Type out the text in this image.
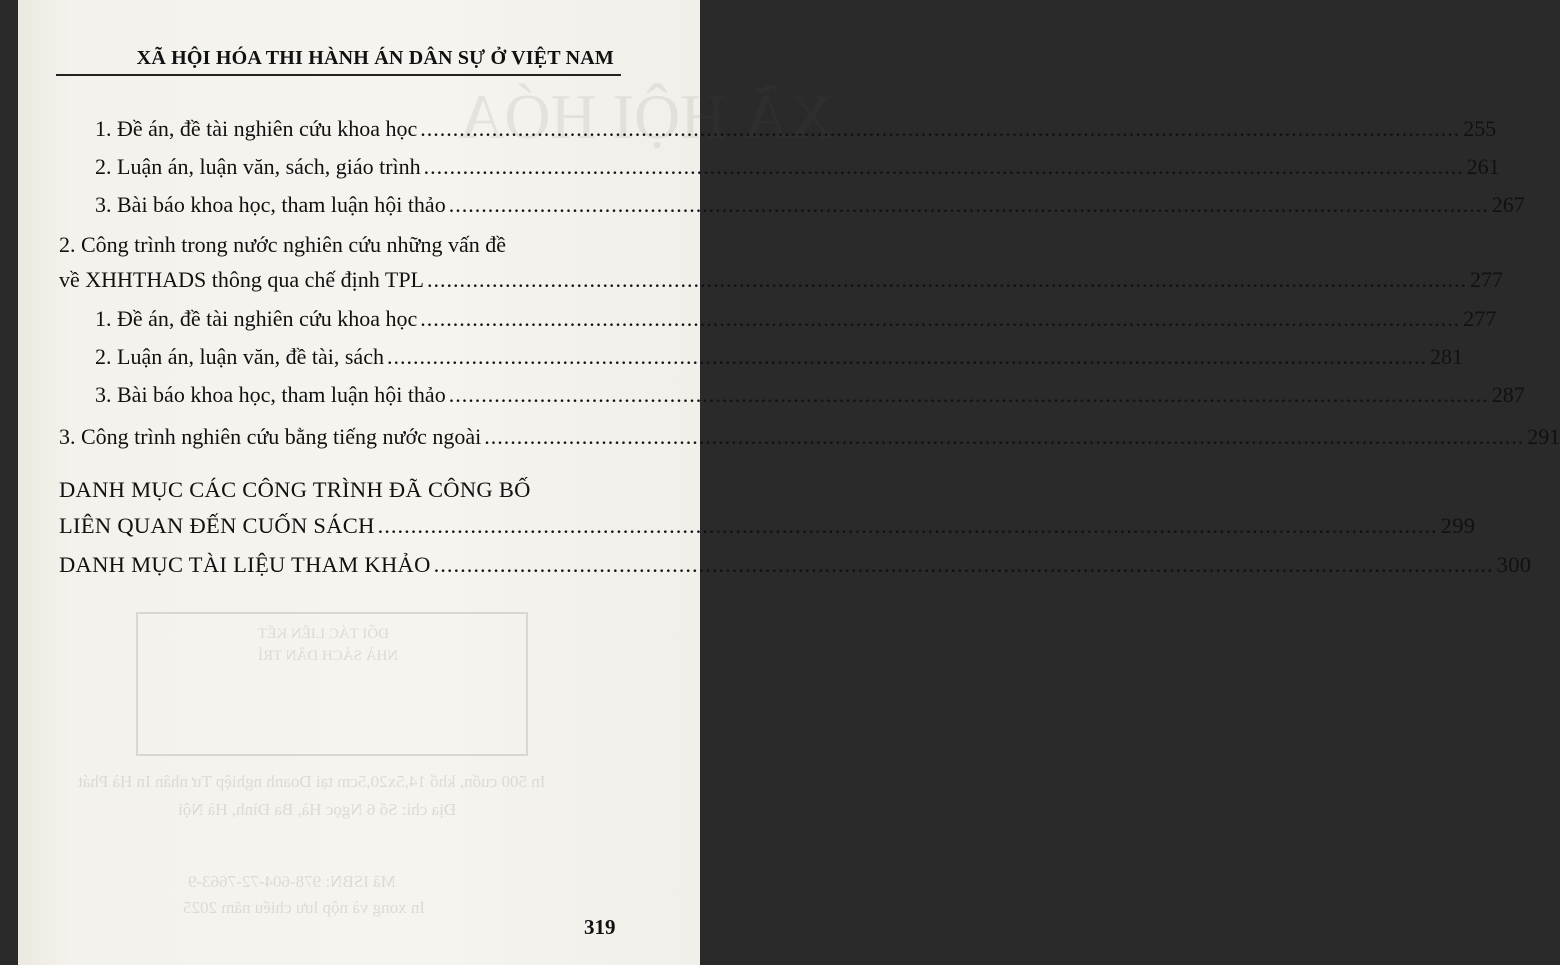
XÃ HỘI HÓA
ĐỐI TÁC LIÊN KẾT
NHÀ SÁCH DÂN TRÍ
In 500 cuốn, khổ 14,5x20,5cm tại Doanh nghiệp Tư nhân In Hà Phát
Địa chỉ: Số 6 Ngọc Hà, Ba Đình, Hà Nội
Mã ISBN: 978-604-72-7663-9
In xong và nộp lưu chiểu năm 2025
XÃ HỘI HÓA THI HÀNH ÁN DÂN SỰ Ở VIỆT NAM
1. Đề án, đề tài nghiên cứu khoa học .....	255
2. Luận án, luận văn, sách, giáo trình .....	261
3. Bài báo khoa học, tham luận hội thảo .....	267
2. Công trình trong nước nghiên cứu những vấn đề
về XHHTHADS thông qua chế định TPL .....	277
1. Đề án, đề tài nghiên cứu khoa học .....	277
2. Luận án, luận văn, đề tài, sách .....	281
3. Bài báo khoa học, tham luận hội thảo .....	287
3. Công trình nghiên cứu bằng tiếng nước ngoài .....	291
DANH MỤC CÁC CÔNG TRÌNH ĐÃ CÔNG BỐ
LIÊN QUAN ĐẾN CUỐN SÁCH .....	299
DANH MỤC TÀI LIỆU THAM KHẢO .....	300
319
